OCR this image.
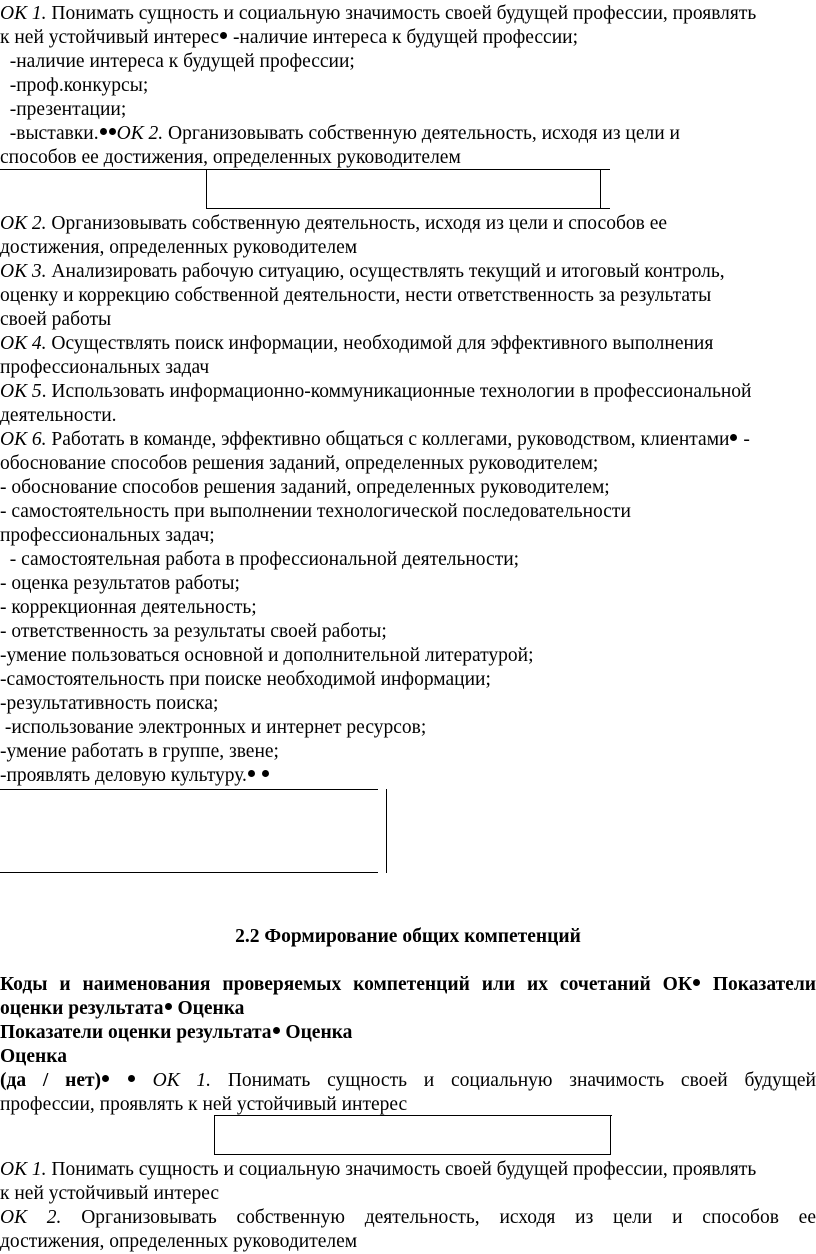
ОК 1. Понимать сущность и социальную значимость своей будущей профессии, проявлять
к ней устойчивый интерес -наличие интереса к будущей профессии;
-наличие интереса к будущей профессии;
-проф.конкурсы;
-презентации;
-выставки. ОК 2. Организовывать собственную деятельность, исходя из цели и
способов ее достижения, определенных руководителем
ОК 2. Организовывать собственную деятельность, исходя из цели и способов ее
достижения, определенных руководителем
ОК 3. Анализировать рабочую ситуацию, осуществлять текущий и итоговый контроль,
оценку и коррекцию собственной деятельности, нести ответственность за результаты
своей работы
ОК 4. Осуществлять поиск информации, необходимой для эффективного выполнения
профессиональных задач
ОК 5. Использовать информационно-коммуникационные технологии в профессиональной
деятельности.
ОК 6. Работать в команде, эффективно общаться с коллегами, руководством, клиентами -
обоснование способов решения заданий, определенных руководителем;
- обоснование способов решения заданий, определенных руководителем;
- самостоятельность при выполнении технологической последовательности
профессиональных задач;
- самостоятельная работа в профессиональной деятельности;
- оценка результатов работы;
- коррекционная деятельность;
- ответственность за результаты своей работы;
-умение пользоваться основной и дополнительной литературой;
-самостоятельность при поиске необходимой информации;
-результативность поиска;
-использование электронных и интернет ресурсов;
-умение работать в группе, звене;
-проявлять деловую культуру.
2.2 Формирование общих компетенций
Коды и наименования проверяемых компетенций или их сочетаний ОК Показатели
оценки результата Оценка
Показатели оценки результата Оценка
Оценка
(да / нет)	ОК 1. Понимать сущность и социальную значимость своей будущей
профессии, проявлять к ней устойчивый интерес
ОК 1. Понимать сущность и социальную значимость своей будущей профессии, проявлять
к ней устойчивый интерес
ОК 2. Организовывать собственную деятельность, исходя из цели и способов ее
достижения, определенных руководителем
